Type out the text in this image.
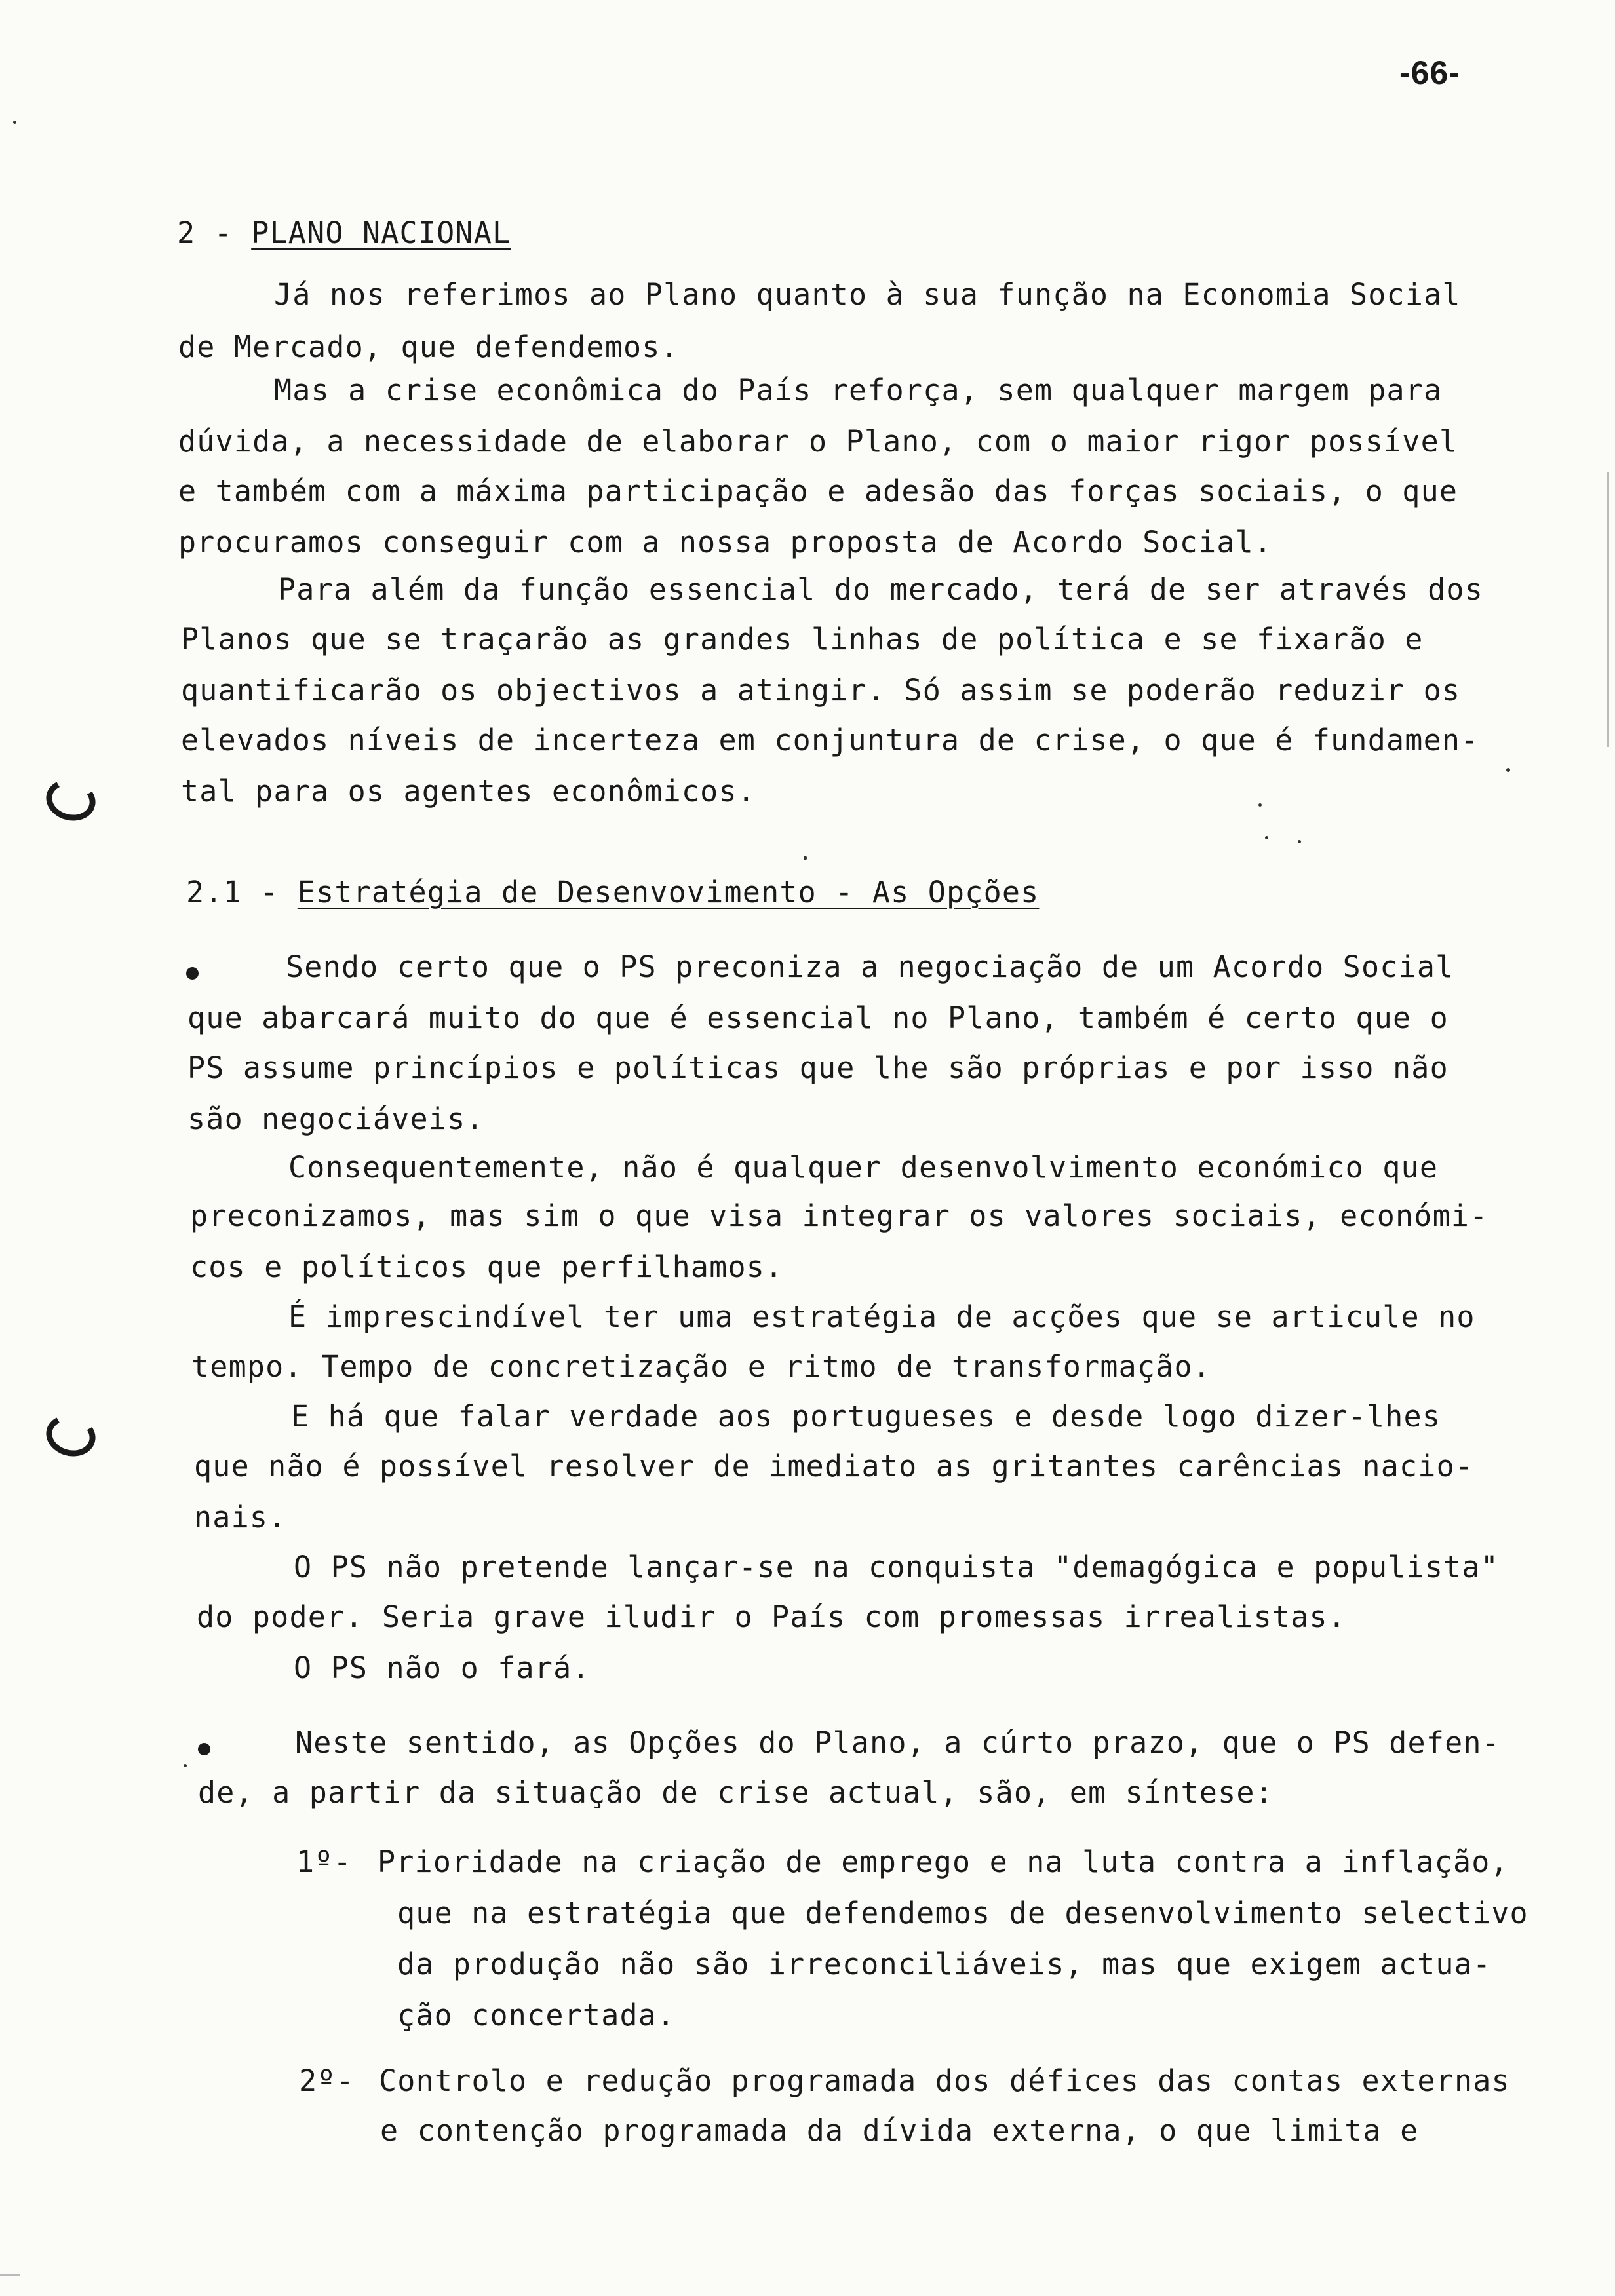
-66-
2 - PLANO NACIONAL
Já nos referimos ao Plano quanto à sua função na Economia Social
de Mercado, que defendemos.
Mas a crise econômica do País reforça, sem qualquer margem para
dúvida, a necessidade de elaborar o Plano, com o maior rigor possível
e também com a máxima participação e adesão das forças sociais, o que
procuramos conseguir com a nossa proposta de Acordo Social.
Para além da função essencial do mercado, terá de ser através dos
Planos que se traçarão as grandes linhas de política e se fixarão e
quantificarão os objectivos a atingir. Só assim se poderão reduzir os
elevados níveis de incerteza em conjuntura de crise, o que é fundamen-
tal para os agentes econômicos.
2.1 - Estratégia de Desenvovimento - As Opções
Sendo certo que o PS preconiza a negociação de um Acordo Social
que abarcará muito do que é essencial no Plano, também é certo que o
PS assume princípios e políticas que lhe são próprias e por isso não
são negociáveis.
Consequentemente, não é qualquer desenvolvimento económico que
preconizamos, mas sim o que visa integrar os valores sociais, económi-
cos e políticos que perfilhamos.
É imprescindível ter uma estratégia de acções que se articule no
tempo. Tempo de concretização e ritmo de transformação.
E há que falar verdade aos portugueses e desde logo dizer-lhes
que não é possível resolver de imediato as gritantes carências nacio-
nais.
O PS não pretende lançar-se na conquista "demagógica e populista"
do poder. Seria grave iludir o País com promessas irrealistas.
O PS não o fará.
Neste sentido, as Opções do Plano, a cúrto prazo, que o PS defen-
de, a partir da situação de crise actual, são, em síntese:
1º- Prioridade na criação de emprego e na luta contra a inflação,
que na estratégia que defendemos de desenvolvimento selectivo
da produção não são irreconciliáveis, mas que exigem actua-
ção concertada.
2º- Controlo e redução programada dos défices das contas externas
e contenção programada da dívida externa, o que limita e
